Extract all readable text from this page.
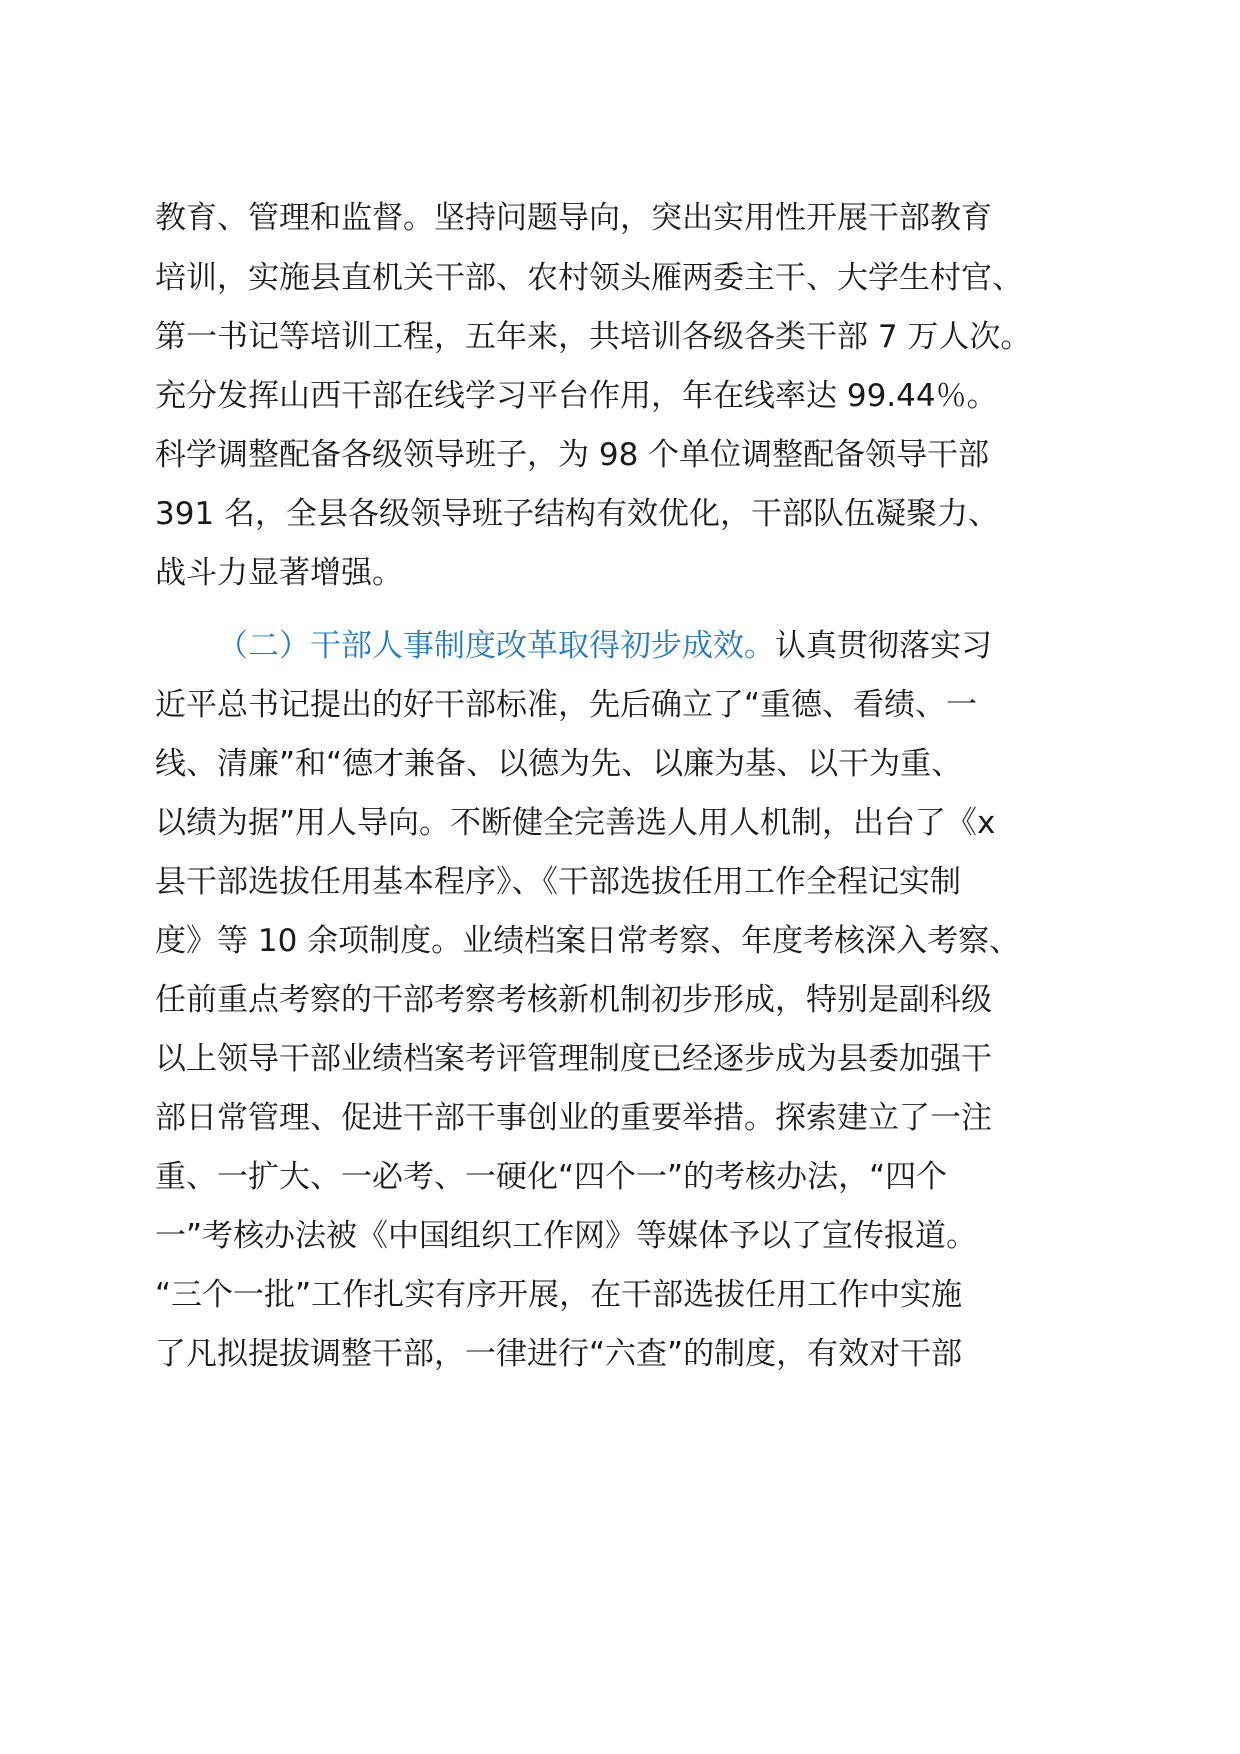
教育、管理和监督。坚持问题导向，突出实用性开展干部教育
培训，实施县直机关干部、农村领头雁两委主干、大学生村官、
第一书记等培训工程，五年来，共培训各级各类干部 7 万人次。
充分发挥山西干部在线学习平台作用，年在线率达 99.44％。
科学调整配备各级领导班子，为 98 个单位调整配备领导干部
391 名，全县各级领导班子结构有效优化，干部队伍凝聚力、
战斗力显著增强。
（二）干部人事制度改革取得初步成效。认真贯彻落实习
近平总书记提出的好干部标准，先后确立了“重德、看绩、一
线、清廉”和“德才兼备、以德为先、以廉为基、以干为重、
以绩为据”用人导向。不断健全完善选人用人机制，出台了《x
县干部选拔任用基本程序》、《干部选拔任用工作全程记实制
度》等 10 余项制度。业绩档案日常考察、年度考核深入考察、
任前重点考察的干部考察考核新机制初步形成，特别是副科级
以上领导干部业绩档案考评管理制度已经逐步成为县委加强干
部日常管理、促进干部干事创业的重要举措。探索建立了一注
重、一扩大、一必考、一硬化“四个一”的考核办法，“四个
一”考核办法被《中国组织工作网》等媒体予以了宣传报道。
“三个一批”工作扎实有序开展，在干部选拔任用工作中实施
了凡拟提拔调整干部，一律进行“六查”的制度，有效对干部
